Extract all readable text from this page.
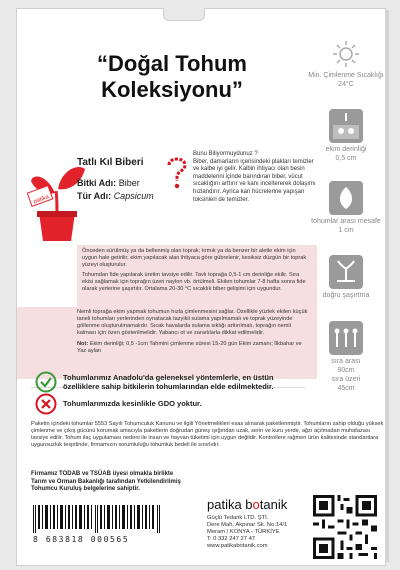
“Doğal Tohum Koleksiyonu”
patika
Tatlı Kıl Biberi
Bitki Adı: Biber
Tür Adı: Capsicum
Bunu Biliyormuydunuz ?
Biber, damarların içerisindeki plakları temizler ve kalbe iyi gelir. Kalbin ihtiyacı olan besin maddelerini içinde barındıran biber, vücut sıcaklığını arttırır ve kanı inceltererek dolaşımı hızlandırır. Ayrica kan hücrelerine yapışan toksinleri de temizler.

Önceden sürülmüş ya da bellenmiş olan toprak; tırmık ya da benzer bir aletle ekim için uygun hale getirilir, ekim yapılacak alan ihtiyaca göre gübrelenir, kesiksiz düzgün bir toprak yüzeyi oluşturulur.

Tohumdan fide yapılarak üretim tavsiye edilir. Tavlı toprağa 0,5-1 cm derinliğe ekilir. Sıra ekisi sağlamak için toprağın üzeri naylon vb. örtülmeli. Ekilen tohumlar 7-8 hafta sonra fide olarak yerlerine şaşırtılır. Ortalama 20-30 °C sıcaklık biber gelişimi için uygundur.

Nemli toprağa ekim yapmak tohumun hızla çimlenmesini sağlar. Özellikle yüzlek ekilen küçük taneli tohumları yerlerinden oynatacak tazyikli sulama yapılmamalı ve toprak yüzeyinde göllenme oluşturulmamalıdır. Sıcak havalarda sulama sıklığı arttırılmalı, toprağın nemli kalması için özen gösterilmelidir. Yabancı ot ve zararlılarla dikkat edilmelidir.

Not: Ekim derinliği; 0,5 -1cm Tahmini çimlenme süresi 15-20 gün Ekim zamanı; İlkbahar ve Yaz ayları
Tohumlarımız Anadolu'da geleneksel yöntemlerle, en üstün özelliklere sahip bitkilerin tohumlarından elde edilmektedir.
Tohumlarımızda kesinlikle GDO yoktur.
Paketin içindeki tohumlar 5553 Sayılı Tohumculuk Kanunu ve ilgili Yönetmelikleri esas alınarak paketlenmiştir. Tohumların sahip olduğu yüksek çimlenme ve çıkış gücünü korumak amacıyla paketlerin doğrudan güneş ışığından uzak, serin ve kuru yerde, ağzı açılmadan muhafazası tavsiye edilir. Tohum ilaç uygulaması nedeni ile insan ve hayvan tüketimi için uygun değildir. Kontrollere rağmen ürün kalitesinde standartlara uygunsuzluk tespitinde, firmamızın sorumluluğu tohumluk bedeli ile sınırlıdır.
Firmamız TODAB ve TSÜAB üyesi olmakla birlikte Tarım ve Orman Bakanlığı tarafından Yetkilendirilmiş Tohumcu Kuruluş belgelerine sahiptir.
patika botanik
Güçlü Tedarik LTD. ŞTİ.
Dere Mah. Akpınar Sk. No:14/1
Meram / KONYA - TÜRKİYE
T: 0 332 247 27 47
www.patikabotanik.com
8 683818 000565
Min. Çimlenme Sıcaklığı
24°C
ekim derinliği
0,5 cm
tohumlar arası mesafe
1 cm
doğru şaşırtma
sıra arası
80cm
sıra üzeri
45cm
